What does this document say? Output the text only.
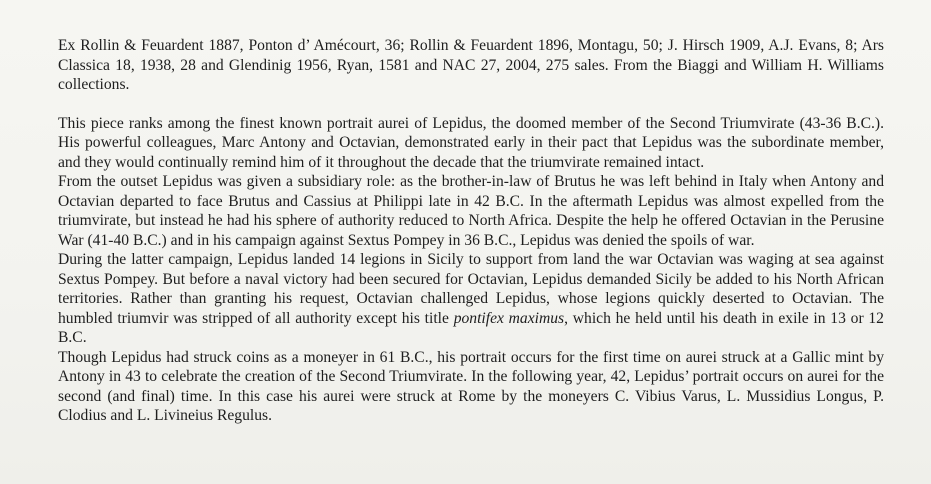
Ex Rollin & Feuardent 1887, Ponton d’ Amécourt, 36; Rollin & Feuardent 1896, Montagu, 50; J. Hirsch 1909, A.J. Evans, 8; Ars Classica 18, 1938, 28 and Glendinig 1956, Ryan, 1581 and NAC 27, 2004, 275 sales. From the Biaggi and William H. Williams collections.

This piece ranks among the finest known portrait aurei of Lepidus, the doomed member of the Second Triumvirate (43-36 B.C.). His powerful colleagues, Marc Antony and Octavian, demonstrated early in their pact that Lepidus was the subordinate member, and they would continually remind him of it throughout the decade that the triumvirate remained intact.

From the outset Lepidus was given a subsidiary role: as the brother-in-law of Brutus he was left behind in Italy when Antony and Octavian departed to face Brutus and Cassius at Philippi late in 42 B.C. In the aftermath Lepidus was almost expelled from the triumvirate, but instead he had his sphere of authority reduced to North Africa. Despite the help he offered Octavian in the Perusine War (41-40 B.C.) and in his campaign against Sextus Pompey in 36 B.C., Lepidus was denied the spoils of war.

During the latter campaign, Lepidus landed 14 legions in Sicily to support from land the war Octavian was waging at sea against Sextus Pompey. But before a naval victory had been secured for Octavian, Lepidus demanded Sicily be added to his North African territories. Rather than granting his request, Octavian challenged Lepidus, whose legions quickly deserted to Octavian. The humbled triumvir was stripped of all authority except his title pontifex maximus, which he held until his death in exile in 13 or 12 B.C.

Though Lepidus had struck coins as a moneyer in 61 B.C., his portrait occurs for the first time on aurei struck at a Gallic mint by Antony in 43 to celebrate the creation of the Second Triumvirate. In the following year, 42, Lepidus’ portrait occurs on aurei for the second (and final) time. In this case his aurei were struck at Rome by the moneyers C. Vibius Varus, L. Mussidius Longus, P. Clodius and L. Livineius Regulus.
